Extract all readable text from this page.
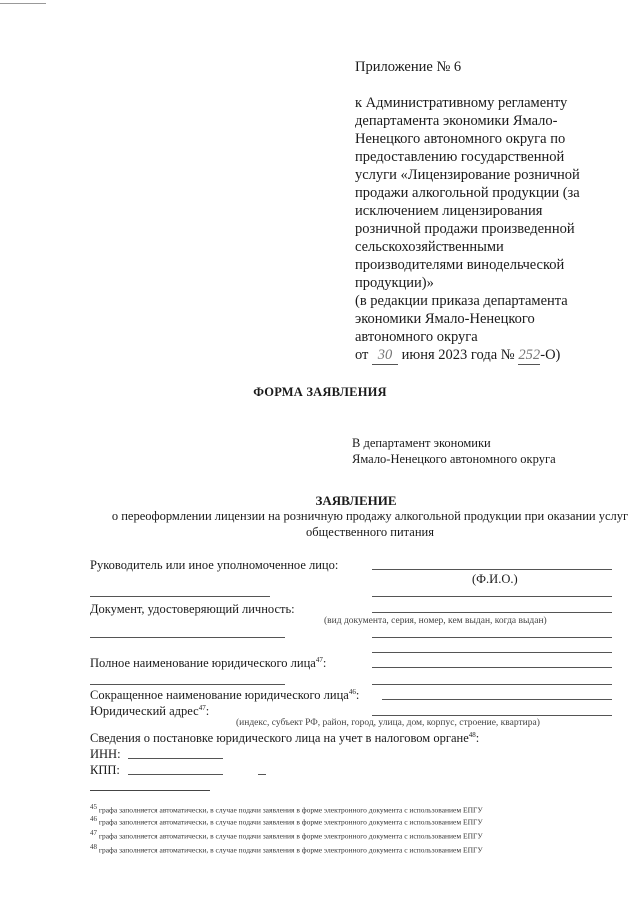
Приложение № 6
к Административному регламенту
департамента экономики Ямало-
Ненецкого автономного округа по
предоставлению государственной
услуги «Лицензирование розничной
продажи алкогольной продукции (за
исключением лицензирования
розничной продажи произведенной
сельскохозяйственными
производителями винодельческой
продукции)»
(в редакции приказа департамента
экономики Ямало-Ненецкого
автономного округа
от 30 июня 2023 года № 252-О)
ФОРМА ЗАЯВЛЕНИЯ
В департамент экономики
Ямало-Ненецкого автономного округа
ЗАЯВЛЕНИЕ
о переоформлении лицензии на розничную продажу алкогольной продукции при оказании услуг общественного питания
Руководитель или иное уполномоченное лицо:
(Ф.И.О.)
Документ, удостоверяющий личность:
(вид документа, серия, номер, кем выдан, когда выдан)
Полное наименование юридического лица$^{47}$:
Сокращенное наименование юридического лица$^{46}$:
Юридический адрес$^{47}$:
(индекс, субъект РФ, район, город, улица, дом, корпус, строение, квартира)
Сведения о постановке юридического лица на учет в налоговом органе$^{48}$:
ИНН:
КПП:
$^{45}$ графа заполняется автоматически, в случае подачи заявления в форме электронного документа с использованием ЕПГУ
$^{46}$ графа заполняется автоматически, в случае подачи заявления в форме электронного документа с использованием ЕПГУ
$^{47}$ графа заполняется автоматически, в случае подачи заявления в форме электронного документа с использованием ЕПГУ
$^{48}$ графа заполняется автоматически, в случае подачи заявления в форме электронного документа с использованием ЕПГУ
